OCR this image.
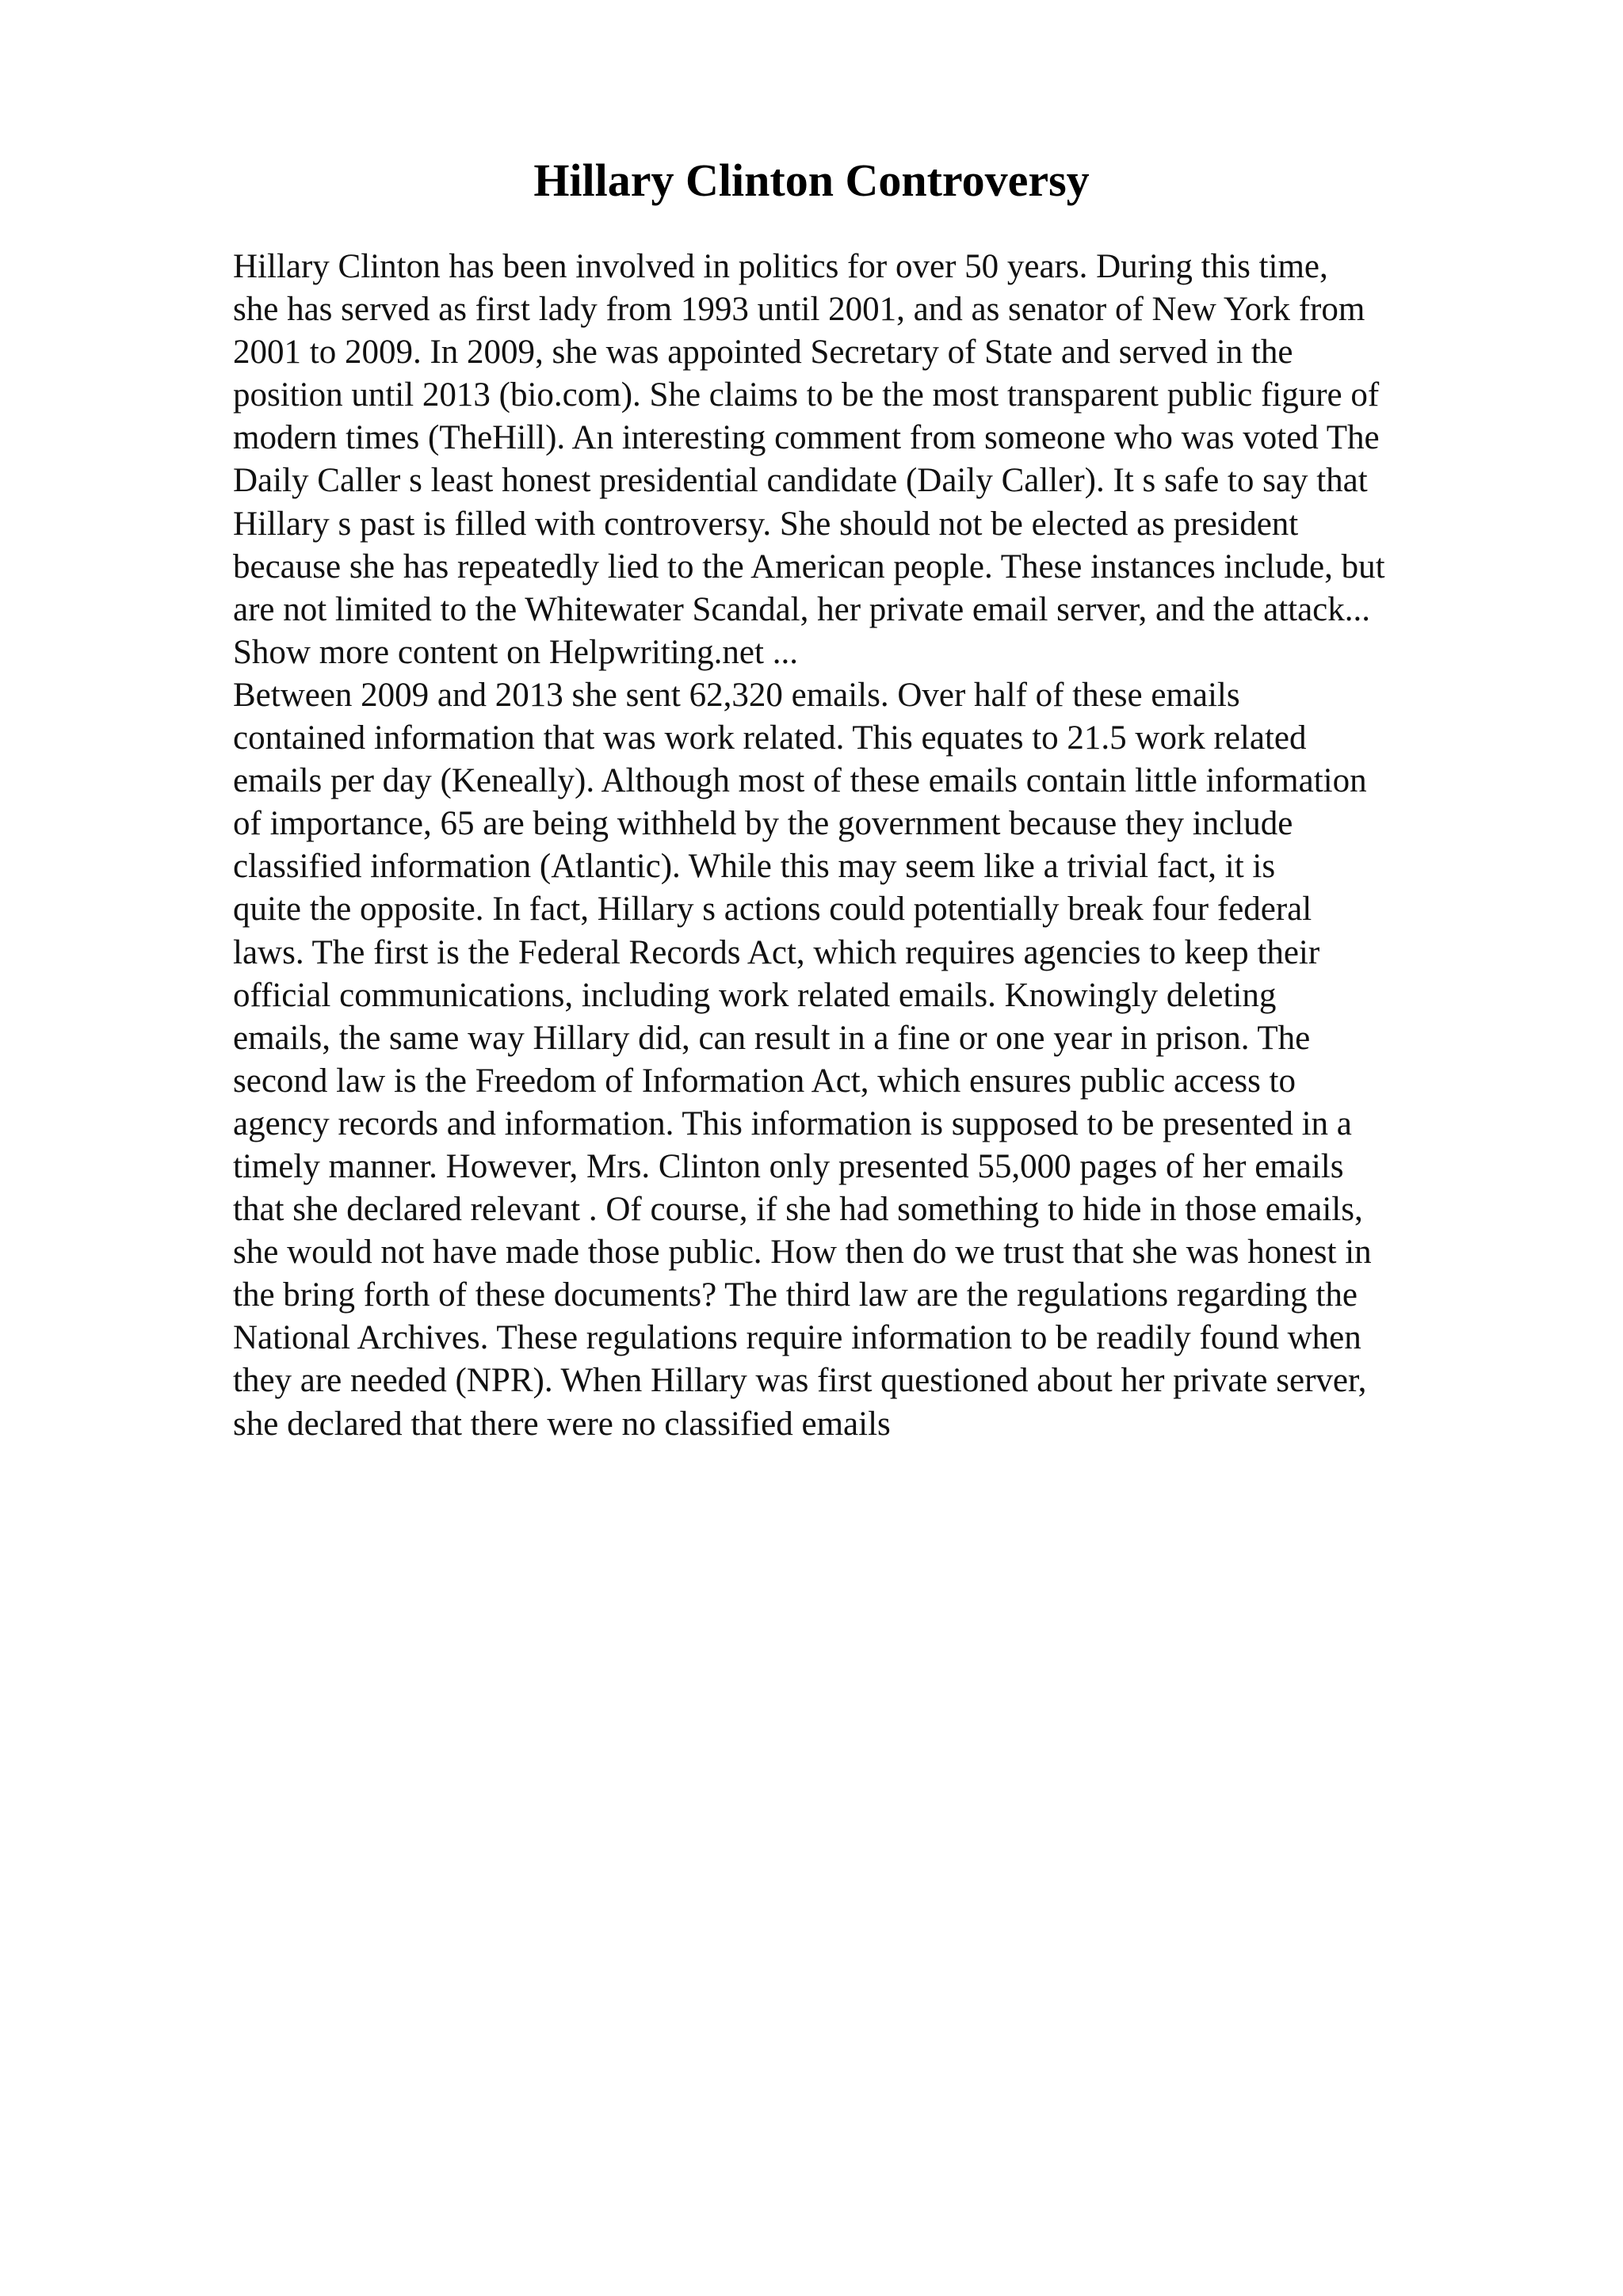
Hillary Clinton Controversy
Hillary Clinton has been involved in politics for over 50 years. During this time,
she has served as first lady from 1993 until 2001, and as senator of New York from
2001 to 2009. In 2009, she was appointed Secretary of State and served in the
position until 2013 (bio.com). She claims to be the most transparent public figure of
modern times (TheHill). An interesting comment from someone who was voted The
Daily Caller s least honest presidential candidate (Daily Caller). It s safe to say that
Hillary s past is filled with controversy. She should not be elected as president
because she has repeatedly lied to the American people. These instances include, but
are not limited to the Whitewater Scandal, her private email server, and the attack...
Show more content on Helpwriting.net ...
Between 2009 and 2013 she sent 62,320 emails. Over half of these emails
contained information that was work related. This equates to 21.5 work related
emails per day (Keneally). Although most of these emails contain little information
of importance, 65 are being withheld by the government because they include
classified information (Atlantic). While this may seem like a trivial fact, it is
quite the opposite. In fact, Hillary s actions could potentially break four federal
laws. The first is the Federal Records Act, which requires agencies to keep their
official communications, including work related emails. Knowingly deleting
emails, the same way Hillary did, can result in a fine or one year in prison. The
second law is the Freedom of Information Act, which ensures public access to
agency records and information. This information is supposed to be presented in a
timely manner. However, Mrs. Clinton only presented 55,000 pages of her emails
that she declared relevant . Of course, if she had something to hide in those emails,
she would not have made those public. How then do we trust that she was honest in
the bring forth of these documents? The third law are the regulations regarding the
National Archives. These regulations require information to be readily found when
they are needed (NPR). When Hillary was first questioned about her private server,
she declared that there were no classified emails
